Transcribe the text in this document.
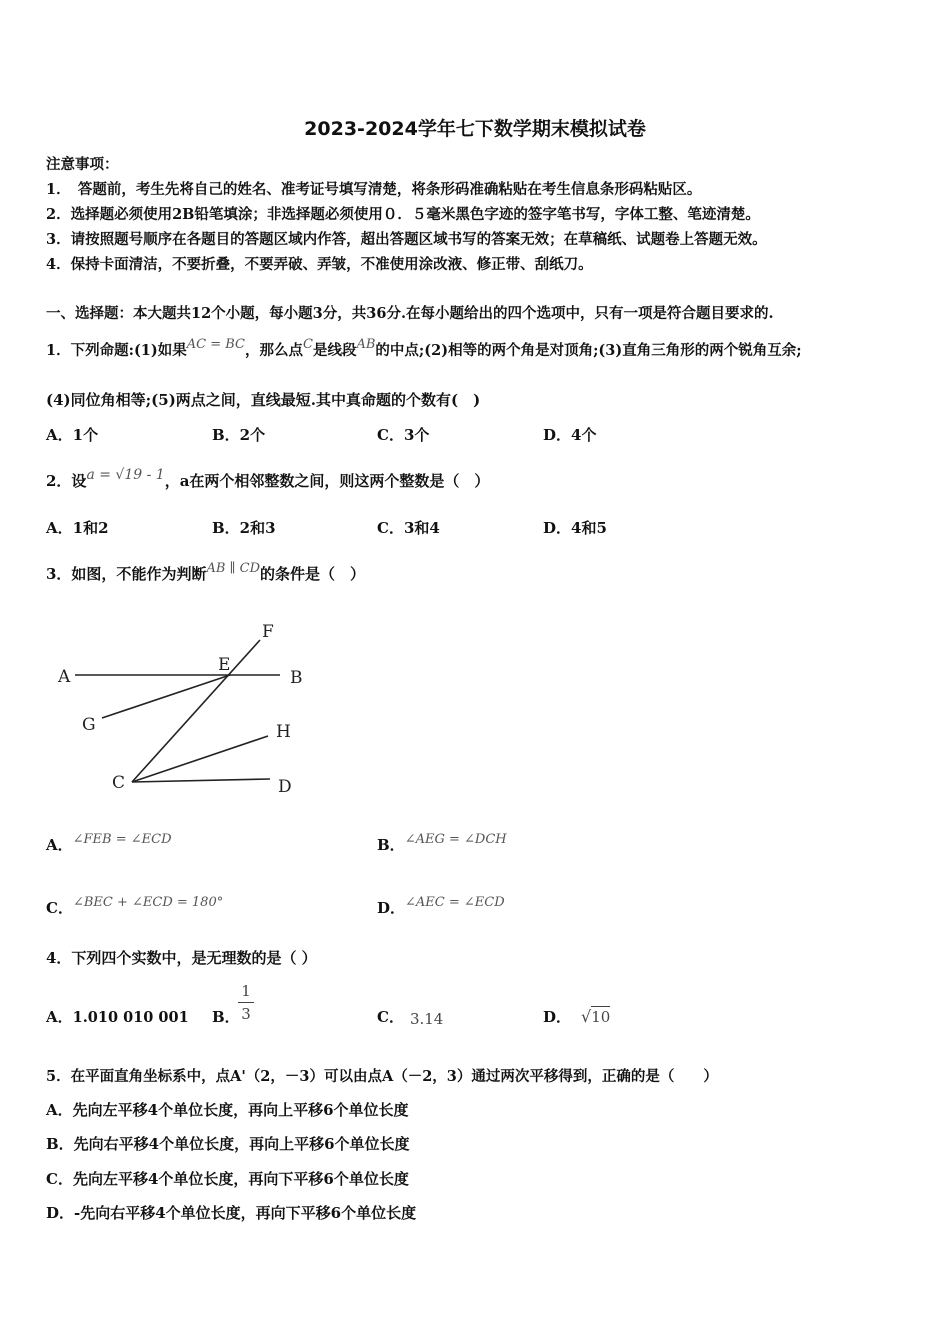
2023-2024学年七下数学期末模拟试卷
注意事项：
1．　答题前，考生先将自己的姓名、准考证号填写清楚，将条形码准确粘贴在考生信息条形码粘贴区。
2．选择题必须使用2B铅笔填涂；非选择题必须使用０．５毫米黑色字迹的签字笔书写，字体工整、笔迹清楚。
3．请按照题号顺序在各题目的答题区域内作答，超出答题区域书写的答案无效；在草稿纸、试题卷上答题无效。
4．保持卡面清洁，不要折叠，不要弄破、弄皱，不准使用涂改液、修正带、刮纸刀。
一、选择题：本大题共12个小题，每小题3分，共36分.在每小题给出的四个选项中，只有一项是符合题目要求的.
1．下列命题:(1)如果AC = BC，那么点C是线段AB的中点;(2)相等的两个角是对顶角;(3)直角三角形的两个锐角互余;
(4)同位角相等;(5)两点之间，直线最短.其中真命题的个数有(　)
A．1个	B．2个	C．3个	D．4个
2．设a = √19 - 1，a在两个相邻整数之间，则这两个整数是（　）
A．1和2	B．2和3	C．3和4	D．4和5
3．如图，不能作为判断AB ∥ CD的条件是（　）
A
E
F
B
G	H
C	D
A．∠FEB = ∠ECD	B．∠AEG = ∠DCH
C．∠BEC + ∠ECD = 180°	D．∠AEC = ∠ECD
4．下列四个实数中，是无理数的是（ ）
A．1.010 010 001 B．
1
3	C． 3.14	D． √10
5．在平面直角坐标系中，点A'（2，－3）可以由点A（－2，3）通过两次平移得到，正确的是（　　）
A．先向左平移4个单位长度，再向上平移6个单位长度
B．先向右平移4个单位长度，再向上平移6个单位长度
C．先向左平移4个单位长度，再向下平移6个单位长度
D．-先向右平移4个单位长度，再向下平移6个单位长度
